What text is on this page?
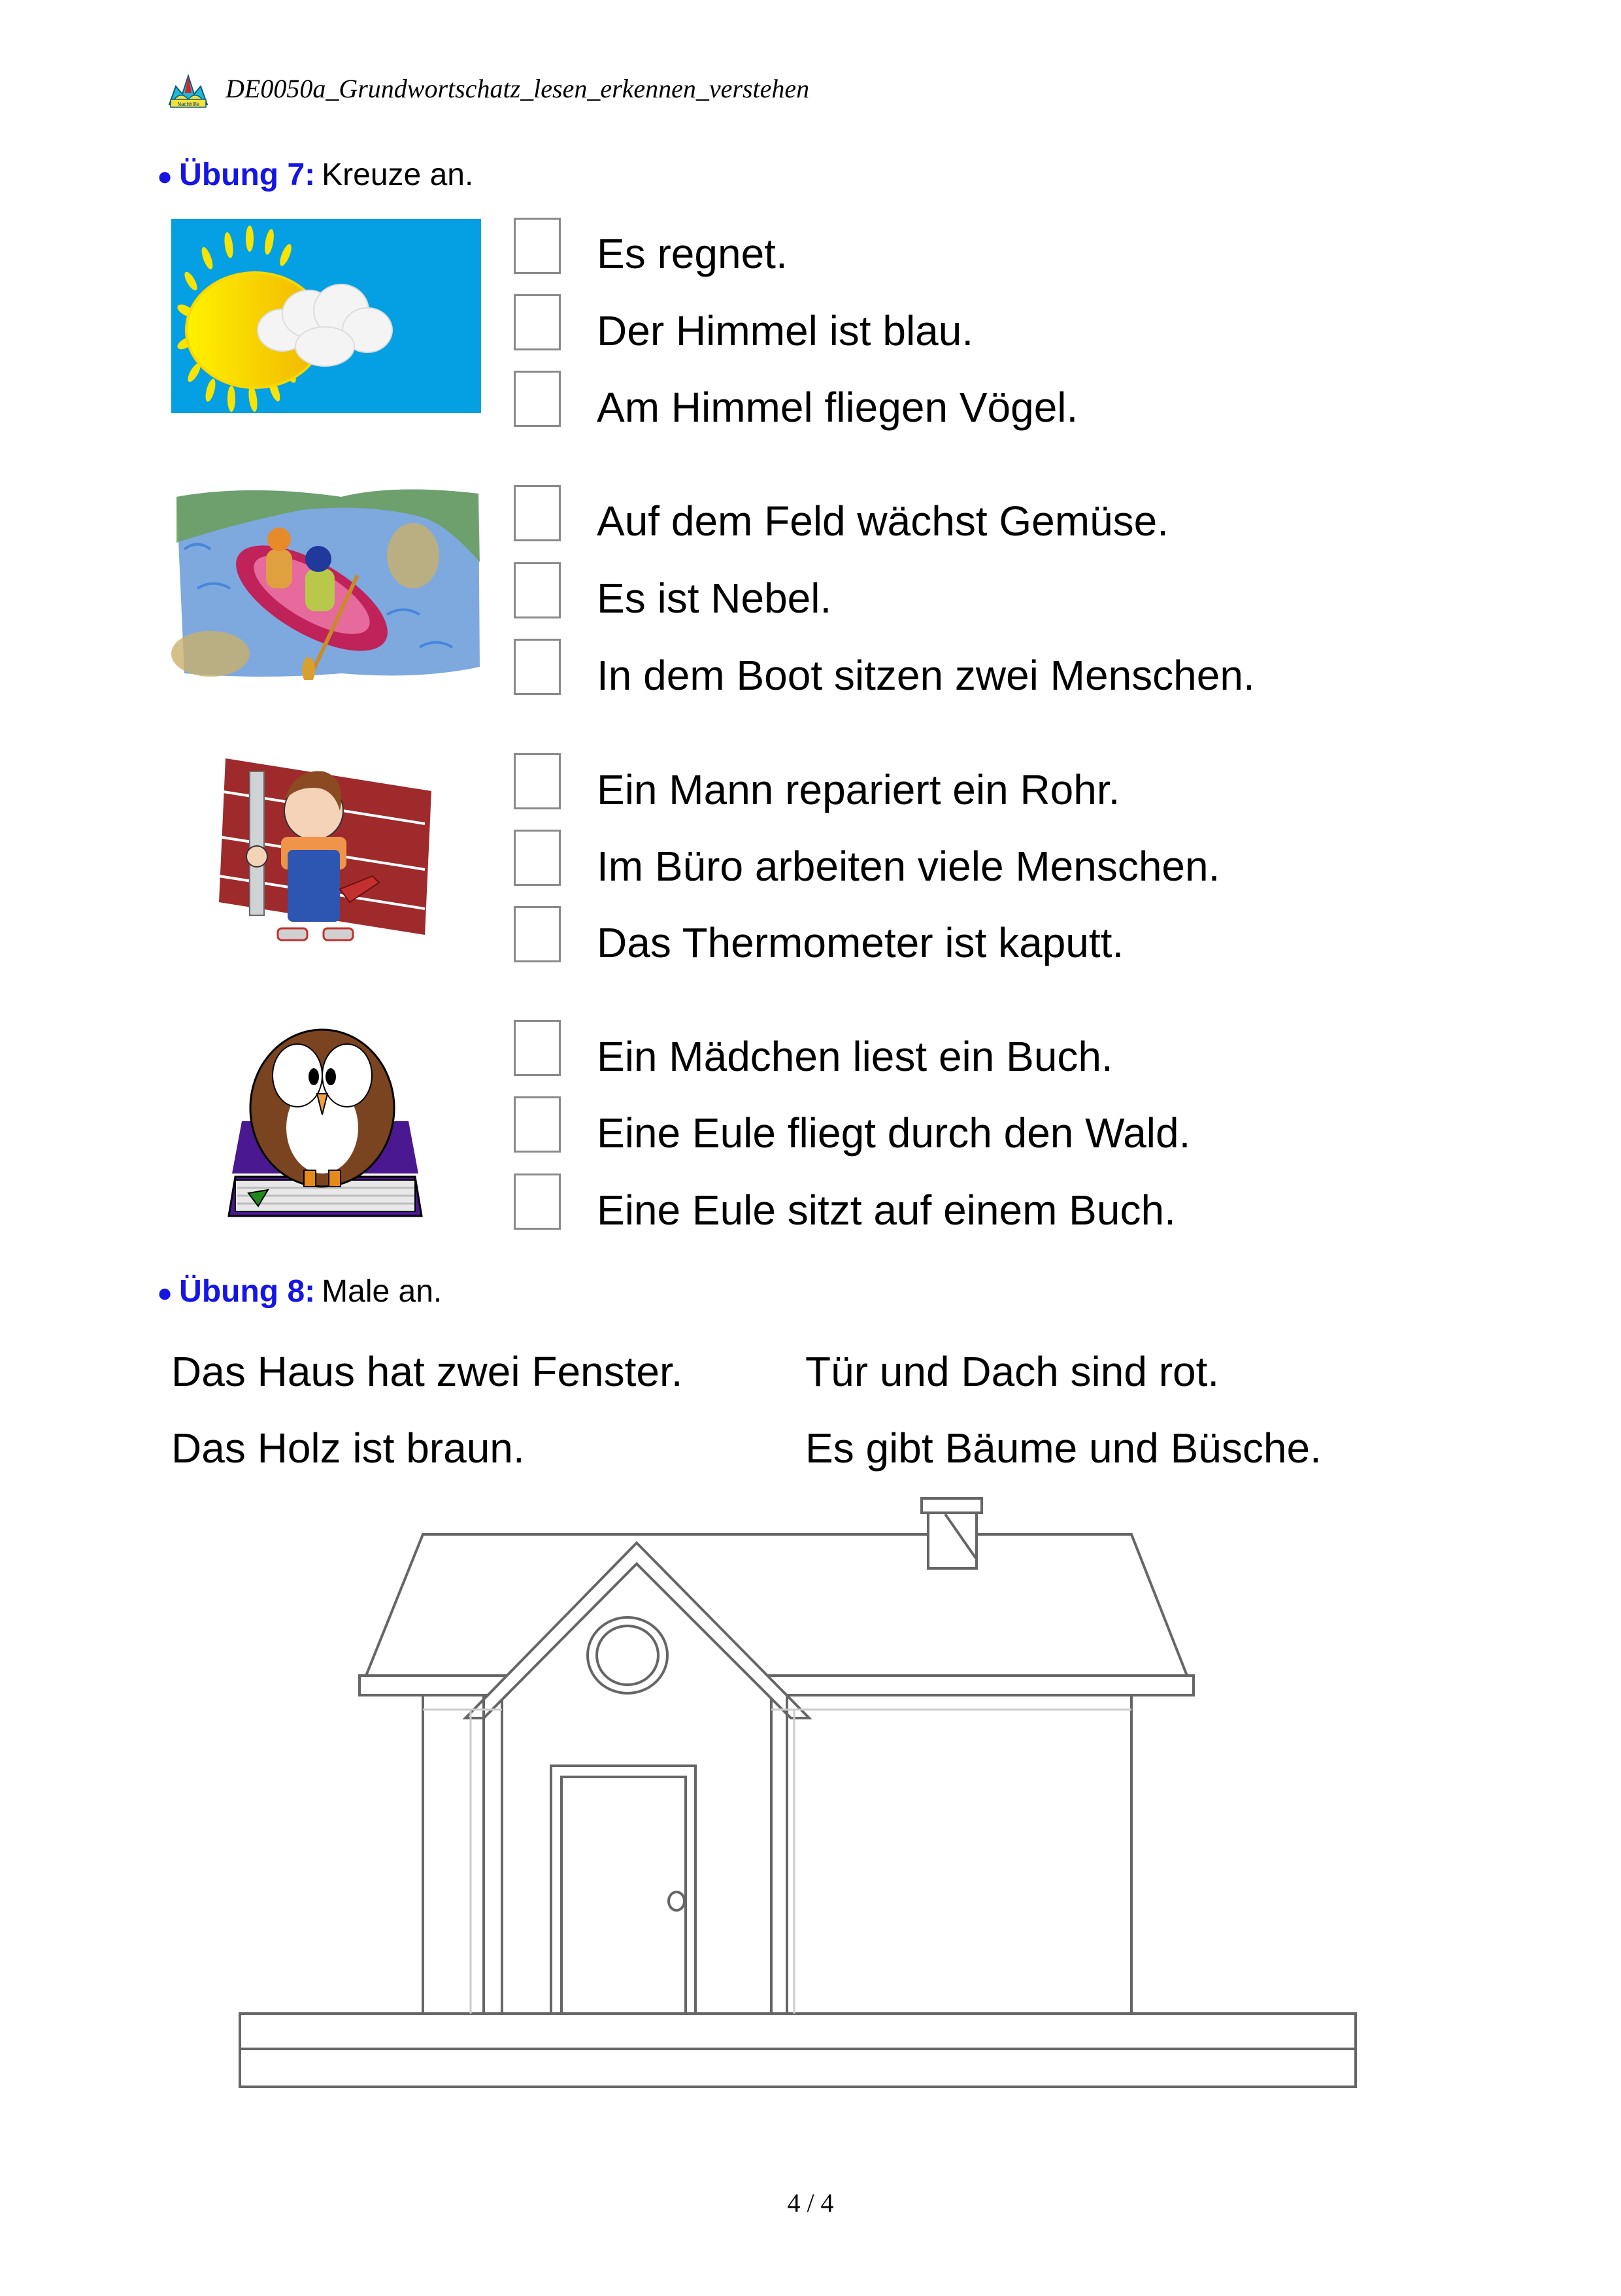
Nachhilfe
DE0050a_Grundwortschatz_lesen_erkennen_verstehen
● Übung 7: Kreuze an.
Es regnet.
Der Himmel ist blau.
Am Himmel fliegen Vögel.
Auf dem Feld wächst Gemüse.
Es ist Nebel.
In dem Boot sitzen zwei Menschen.
Ein Mann repariert ein Rohr.
Im Büro arbeiten viele Menschen.
Das Thermometer ist kaputt.
Ein Mädchen liest ein Buch.
Eine Eule fliegt durch den Wald.
Eine Eule sitzt auf einem Buch.
● Übung 8: Male an.
Das Haus hat zwei Fenster.	Tür und Dach sind rot.
Das Holz ist braun.	Es gibt Bäume und Büsche.
4 / 4
